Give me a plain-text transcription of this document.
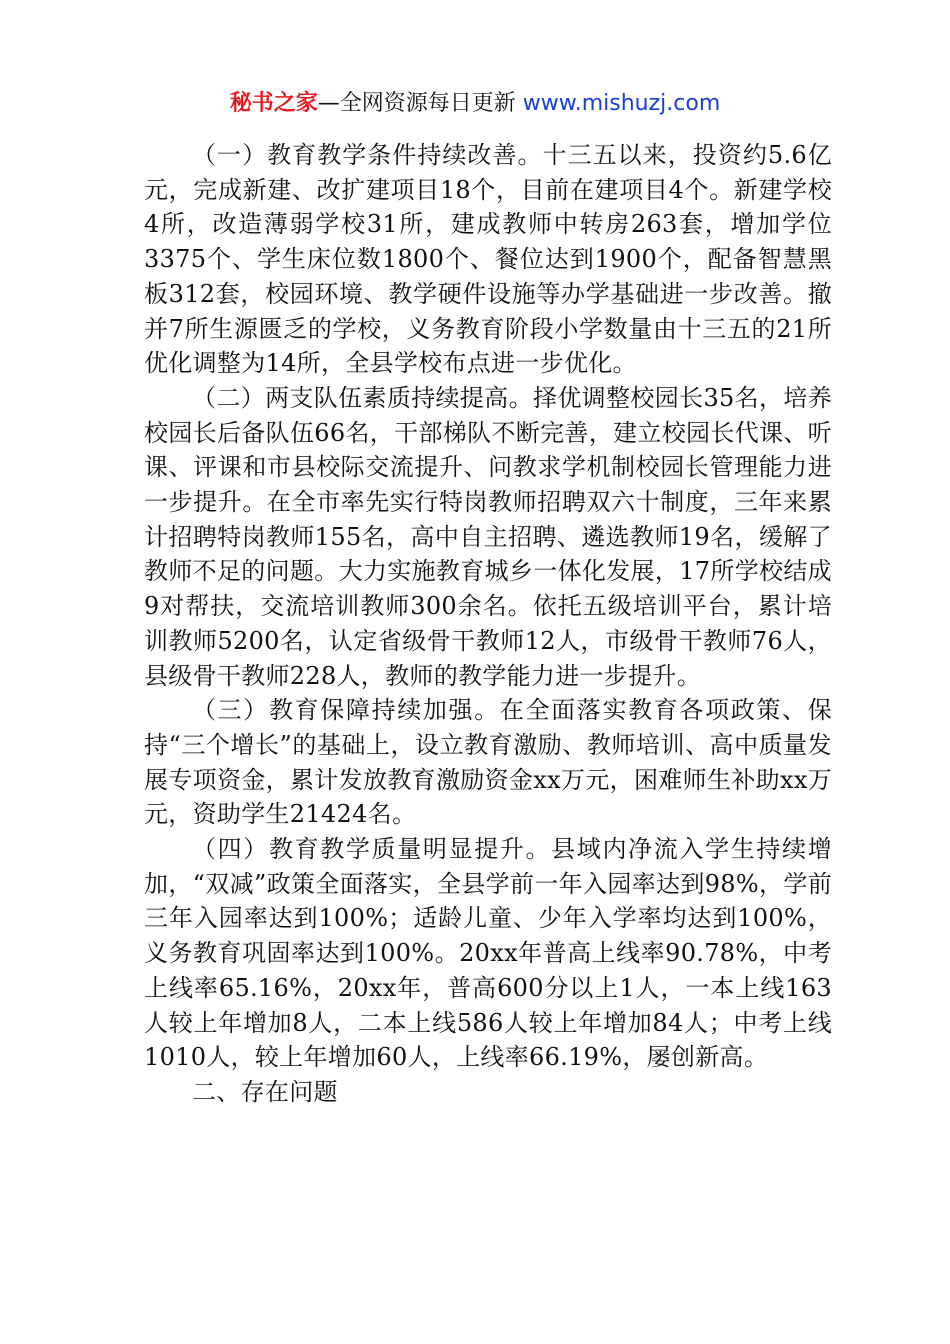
秘书之家—全网资源每日更新 www.mishuzj.com

（一）教育教学条件持续改善。十三五以来，投资约5.6亿元，完成新建、改扩建项目18个，目前在建项目4个。新建学校4所，改造薄弱学校31所，建成教师中转房263套，增加学位3375个、学生床位数1800个、餐位达到1900个，配备智慧黑板312套，校园环境、教学硬件设施等办学基础进一步改善。撤并7所生源匮乏的学校，义务教育阶段小学数量由十三五的21所优化调整为14所，全县学校布点进一步优化。

（二）两支队伍素质持续提高。择优调整校园长35名，培养校园长后备队伍66名，干部梯队不断完善，建立校园长代课、听课、评课和市县校际交流提升、问教求学机制校园长管理能力进一步提升。在全市率先实行特岗教师招聘双六十制度，三年来累计招聘特岗教师155名，高中自主招聘、遴选教师19名，缓解了教师不足的问题。大力实施教育城乡一体化发展，17所学校结成9对帮扶，交流培训教师300余名。依托五级培训平台，累计培训教师5200名，认定省级骨干教师12人，市级骨干教师76人，县级骨干教师228人，教师的教学能力进一步提升。

（三）教育保障持续加强。在全面落实教育各项政策、保持“三个增长”的基础上，设立教育激励、教师培训、高中质量发展专项资金，累计发放教育激励资金xx万元，困难师生补助xx万元，资助学生21424名。

（四）教育教学质量明显提升。县域内净流入学生持续增加，“双减”政策全面落实，全县学前一年入园率达到98%，学前三年入园率达到100%；适龄儿童、少年入学率均达到100%，义务教育巩固率达到100%。20xx年普高上线率90.78%，中考上线率65.16%，20xx年，普高600分以上1人，一本上线163人较上年增加8人，二本上线586人较上年增加84人；中考上线1010人，较上年增加60人，上线率66.19%，屡创新高。

二、存在问题
